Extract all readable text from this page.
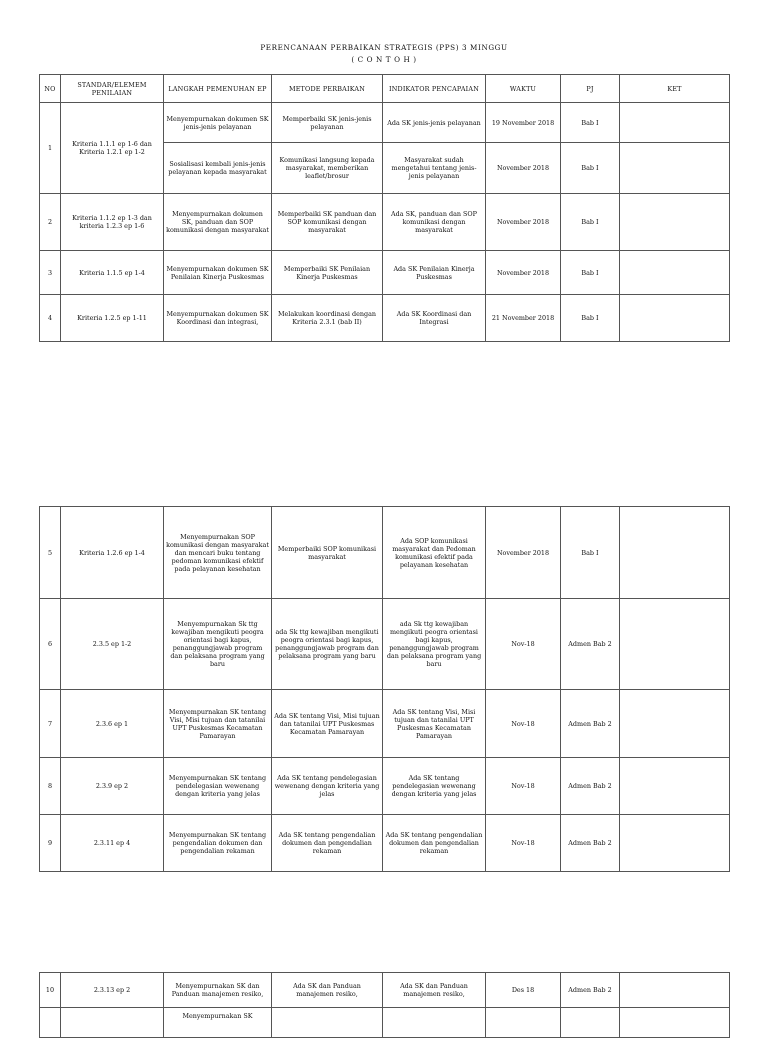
PERENCANAAN PERBAIKAN STRATEGIS (PPS) 3 MINGGU
( C O N T O H )
NO	STANDAR/ELEMEM PENILAIAN	LANGKAH PEMENUHAN EP	METODE PERBAIKAN	INDIKATOR PENCAPAIAN	WAKTU	PJ	KET
1	Kriteria 1.1.1 ep 1-6 dan Kriteria 1.2.1 ep 1-2	Menyempurnakan dokumen SK jenis-jenis pelayanan	Memperbaiki SK jenis-jenis pelayanan	Ada SK jenis-jenis pelayanan	19 November 2018	Bab I	
		Sosialisasi kembali jenis-jenis pelayanan kepada masyarakat	Komunikasi langsung kepada masyarakat, memberikan leaflet/brosur	Masyarakat sudah mengetahui tentang jenis-jenis pelayanan	November 2018	Bab I	
2	Kriteria 1.1.2 ep 1-3 dan kriteria 1.2.3 ep 1-6	Menyempurnakan dokumen SK, panduan dan SOP komunikasi dengan masyarakat	Memperbaiki SK panduan dan SOP komunikasi dengan masyarakat	Ada SK, panduan dan SOP komunikasi dengan masyarakat	November 2018	Bab I	
3	Kriteria 1.1.5 ep 1-4	Menyempurnakan dokumen SK Penilaian Kinerja Puskesmas	Memperbaiki SK Penilaian Kinerja Puskesmas	Ada SK Penilaian Kinerja Puskesmas	November 2018	Bab I	
4	Kriteria 1.2.5 ep 1-11	Menyempurnakan dokumen SK Koordinasi dan integrasi,	Melakukan koordinasi dengan Kriteria 2.3.1 (bab II)	Ada SK Koordinasi dan Integrasi	21 November 2018	Bab I	
5	Kriteria 1.2.6 ep 1-4	Menyempurnakan SOP komunikasi dengan masyarakat dan mencari buku tentang pedoman komunikasi efektif pada pelayanan kesehatan	Memperbaiki SOP komunikasi masyarakat	Ada SOP komunikasi masyarakat dan Pedoman komunikasi efektif pada pelayanan kesehatan	November 2018	Bab I	
6	2.3.5 ep 1-2	Menyempurnakan Sk ttg kewajiban mengikuti peogra orientasi bagi kapus, penanggungjawab program dan pelaksana program yang baru	ada Sk ttg kewajiban mengikuti peogra orientasi bagi kapus, penanggungjawab program dan pelaksana program yang baru	ada Sk ttg kewajiban mengikuti peogra orientasi bagi kapus, penanggungjawab program dan pelaksana program yang baru	Nov-18	Admen Bab 2	
7	2.3.6 ep 1	Menyempurnakan SK tentang Visi, Misi tujuan dan tatanilai UPT Puskesmas Kecamatan Pamarayan	Ada SK tentang Visi, Misi tujuan dan tatanilai UPT Puskesmas Kecamatan Pamarayan	Ada SK tentang Visi, Misi tujuan dan tatanilai UPT Puskesmas Kecamatan Pamarayan	Nov-18	Admen Bab 2	
8	2.3.9 ep 2	Menyempurnakan SK tentang pendelegasian wewenang dengan kriteria yang jelas	Ada SK tentang pendelegasian wewenang dengan kriteria yang jelas	Ada SK tentang pendelegasian wewenang dengan kriteria yang jelas	Nov-18	Admen Bab 2	
9	2.3.11 ep 4	Menyempurnakan SK tentang pengendalian dokumen dan pengendalian rekaman	Ada SK tentang pengendalian dokumen dan pengendalian rekaman	Ada SK tentang pengendalian dokumen dan pengendalian rekaman	Nov-18	Admen Bab 2	
10	2.3.13 ep 2	Menyempurnakan SK dan Panduan manajemen resiko,	Ada SK dan Panduan manajemen resiko,	Ada SK dan Panduan manajemen resiko,	Des 18	Admen Bab 2	
		Menyempurnakan SK					
